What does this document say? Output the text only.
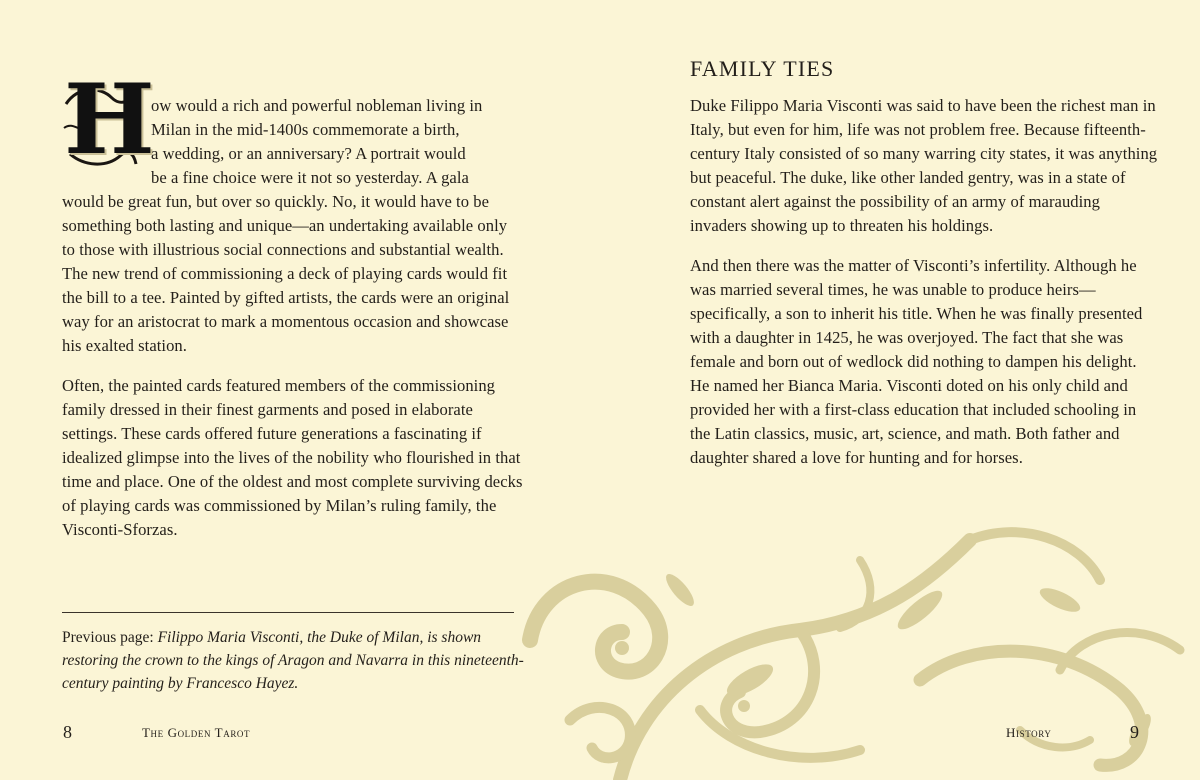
H
ow would a rich and powerful nobleman living in
Milan in the mid-1400s commemorate a birth,
a wedding, or an anniversary? A portrait would
be a fine choice were it not so yesterday. A gala
would be great fun, but over so quickly. No, it would have to be something both lasting and unique—an undertaking available only to those with illustrious social connections and substantial wealth. The new trend of commissioning a deck of playing cards would fit the bill to a tee. Painted by gifted artists, the cards were an original way for an aristocrat to mark a momentous occasion and showcase his exalted station.

Often, the painted cards featured members of the commissioning family dressed in their finest garments and posed in elaborate settings. These cards offered future generations a fascinating if idealized glimpse into the lives of the nobility who flourished in that time and place. One of the oldest and most complete surviving decks of playing cards was commissioned by Milan’s ruling family, the Visconti-Sforzas.

Previous page: Filippo Maria Visconti, the Duke of Milan, is shown restoring the crown to the kings of Aragon and Navarra in this nineteenth-century painting by Francesco Hayez.
8	The Golden Tarot
FAMILY TIES

Duke Filippo Maria Visconti was said to have been the richest man in Italy, but even for him, life was not problem free. Because fifteenth-century Italy consisted of so many warring city states, it was anything but peaceful. The duke, like other landed gentry, was in a state of constant alert against the possibility of an army of marauding invaders showing up to threaten his holdings.

And then there was the matter of Visconti’s infertility. Although he was married several times, he was unable to produce heirs—specifically, a son to inherit his title. When he was finally presented with a daughter in 1425, he was overjoyed. The fact that she was female and born out of wedlock did nothing to dampen his delight. He named her Bianca Maria. Visconti doted on his only child and provided her with a first-class education that included schooling in the Latin classics, music, art, science, and math. Both father and daughter shared a love for hunting and for horses.

History	9
